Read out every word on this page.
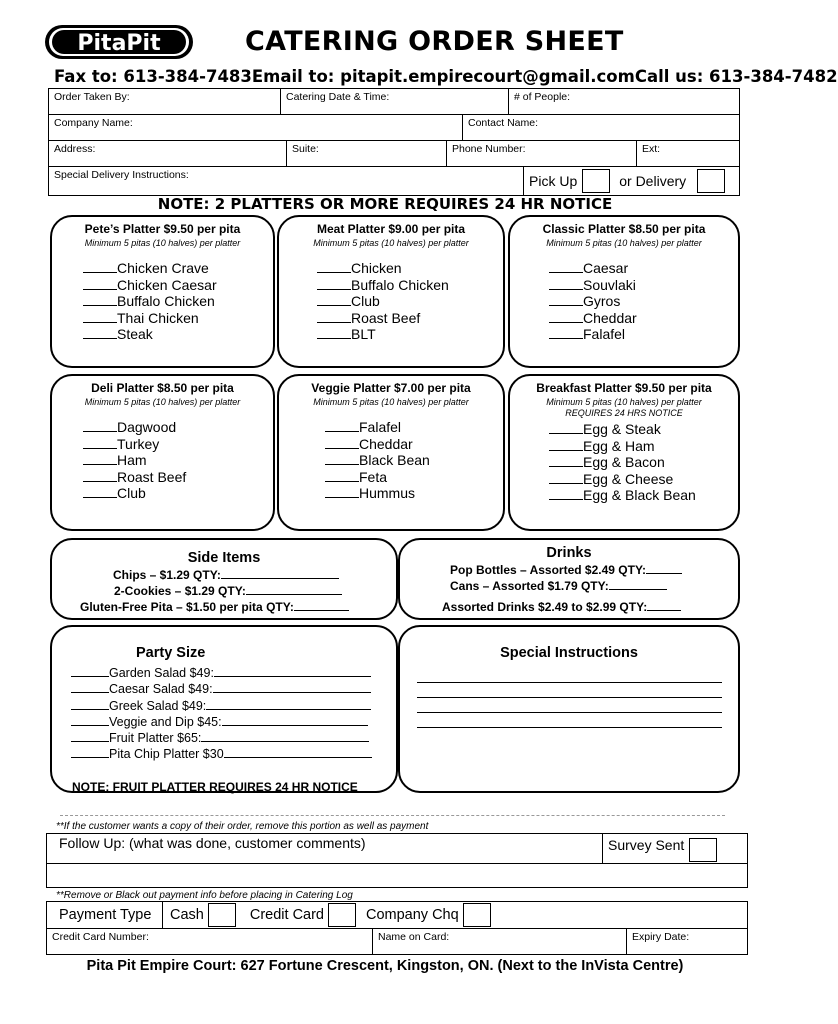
PitaPit	CATERING ORDER SHEET
Fax to: 613-384-7483 Email to: pitapit.empirecourt@gmail.com Call us: 613-384-7482
Order Taken By:	Catering Date & Time:	# of People:
Company Name:	Contact Name:
Address:	Suite:	Phone Number:	Ext:
Special Delivery Instructions:	Pick Up	or Delivery
NOTE: 2 PLATTERS OR MORE REQUIRES 24 HR NOTICE
Pete’s Platter $9.50 per pita
Minimum 5 pitas (10 halves) per platter
Chicken Crave
Chicken Caesar
Buffalo Chicken
Thai Chicken
Steak
Meat Platter $9.00 per pita
Minimum 5 pitas (10 halves) per platter
Chicken
Buffalo Chicken
Club
Roast Beef
BLT
Classic Platter $8.50 per pita
Minimum 5 pitas (10 halves) per platter
Caesar
Souvlaki
Gyros
Cheddar
Falafel
Deli Platter $8.50 per pita
Minimum 5 pitas (10 halves) per platter
Dagwood
Turkey
Ham
Roast Beef
Club
Veggie Platter $7.00 per pita
Minimum 5 pitas (10 halves) per platter
Falafel
Cheddar
Black Bean
Feta
Hummus
Breakfast Platter $9.50 per pita
Minimum 5 pitas (10 halves) per platter
REQUIRES 24 HRS NOTICE
Egg & Steak
Egg & Ham
Egg & Bacon
Egg & Cheese
Egg & Black Bean
Side Items
Chips – $1.29 QTY:
2-Cookies – $1.29 QTY:
Gluten-Free Pita – $1.50 per pita QTY:
Drinks
Pop Bottles – Assorted $2.49 QTY:
Cans – Assorted $1.79 QTY:
Assorted Drinks $2.49 to $2.99 QTY:
Party Size
Garden Salad $49:
Caesar Salad $49:
Greek Salad $49:
Veggie and Dip $45:
Fruit Platter $65:
Pita Chip Platter $30
NOTE: FRUIT PLATTER REQUIRES 24 HR NOTICE
Special Instructions
**If the customer wants a copy of their order, remove this portion as well as payment
Follow Up: (what was done, customer comments)	Survey Sent
**Remove or Black out payment info before placing in Catering Log
Payment Type	Cash	Credit Card	Company Chq
Credit Card Number:	Name on Card:	Expiry Date:
Pita Pit Empire Court: 627 Fortune Crescent, Kingston, ON. (Next to the InVista Centre)
